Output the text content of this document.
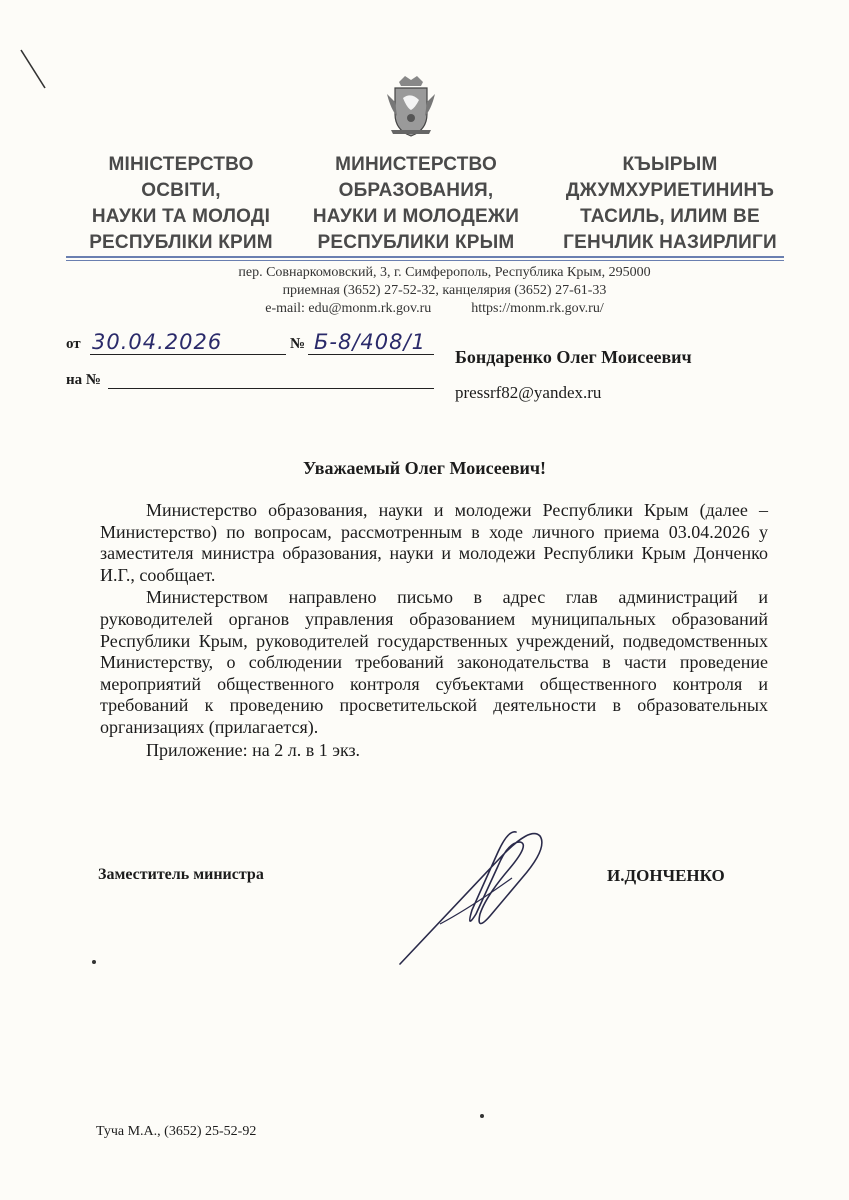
МІНІСТЕРСТВО
ОСВІТИ,
НАУКИ ТА МОЛОДІ
РЕСПУБЛІКИ КРИМ
МИНИСТЕРСТВО
ОБРАЗОВАНИЯ,
НАУКИ И МОЛОДЕЖИ
РЕСПУБЛИКИ КРЫМ
КЪЫРЫМ
ДЖУМХУРИЕТИНИНЪ
ТАСИЛЬ, ИЛИМ ВЕ
ГЕНЧЛИК НАЗИРЛИГИ
пер. Совнаркомовский, 3, г. Симферополь, Республика Крым, 295000
приемная (3652) 27-52-32, канцелярия (3652) 27-61-33
e-mail: edu@monm.rk.gov.ru	https://monm.rk.gov.ru/
от 30.04.2026	№ Б-8/408/1
на №
Бондаренко Олег Моисеевич
pressrf82@yandex.ru
Уважаемый Олег Моисеевич!

Министерство образования, науки и молодежи Республики Крым (далее – Министерство) по вопросам, рассмотренным в ходе личного приема 03.04.2026 у заместителя министра образования, науки и молодежи Республики Крым Донченко И.Г., сообщает.

Министерством направлено письмо в адрес глав администраций и руководителей органов управления образованием муниципальных образований Республики Крым, руководителей государственных учреждений, подведомственных Министерству, о соблюдении требований законодательства в части проведение мероприятий общественного контроля субъектами общественного контроля и требований к проведению просветительской деятельности в образовательных организациях (прилагается).

Приложение: на 2 л. в 1 экз.

Заместитель министра	И.ДОНЧЕНКО
Туча М.А., (3652) 25-52-92
